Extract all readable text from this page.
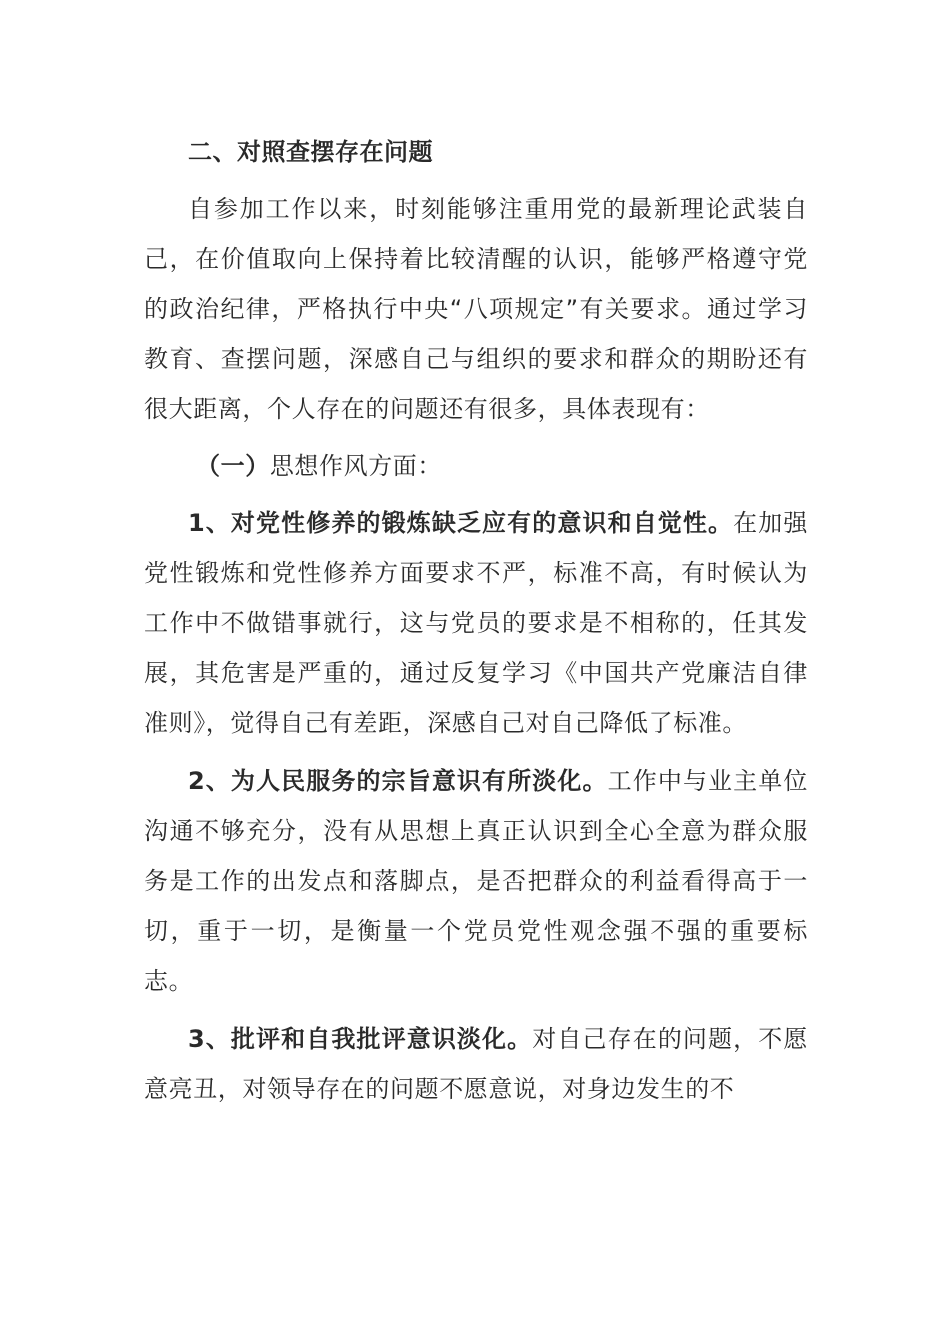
二、对照查摆存在问题

自参加工作以来，时刻能够注重用党的最新理论武装自己，在价值取向上保持着比较清醒的认识，能够严格遵守党的政治纪律，严格执行中央“八项规定”有关要求。通过学习教育、查摆问题，深感自己与组织的要求和群众的期盼还有很大距离，个人存在的问题还有很多，具体表现有：

（一）思想作风方面：

1、对党性修养的锻炼缺乏应有的意识和自觉性。在加强党性锻炼和党性修养方面要求不严，标准不高，有时候认为工作中不做错事就行，这与党员的要求是不相称的，任其发展，其危害是严重的，通过反复学习《中国共产党廉洁自律准则》，觉得自己有差距，深感自己对自己降低了标准。

2、为人民服务的宗旨意识有所淡化。工作中与业主单位沟通不够充分，没有从思想上真正认识到全心全意为群众服务是工作的出发点和落脚点，是否把群众的利益看得高于一切，重于一切，是衡量一个党员党性观念强不强的重要标志。

3、批评和自我批评意识淡化。对自己存在的问题，不愿意亮丑，对领导存在的问题不愿意说，对身边发生的不
